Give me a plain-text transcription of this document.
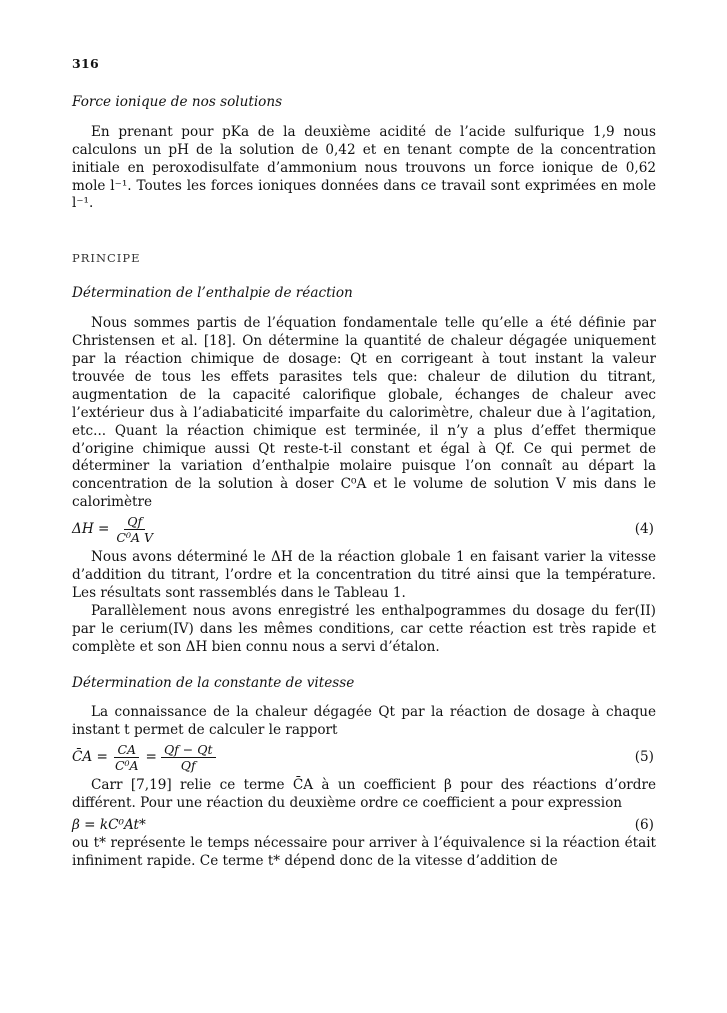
316
Force ionique de nos solutions

En prenant pour pKa de la deuxième acidité de l’acide sulfurique 1,9 nous calculons un pH de la solution de 0,42 et en tenant compte de la concentration initiale en peroxodisulfate d’ammonium nous trouvons un force ionique de 0,62 mole l⁻¹. Toutes les forces ioniques données dans ce travail sont exprimées en mole l⁻¹.

PRINCIPE
Détermination de l’enthalpie de réaction

Nous sommes partis de l’équation fondamentale telle qu’elle a été définie par Christensen et al. [18]. On détermine la quantité de chaleur dégagée uniquement par la réaction chimique de dosage: Qt en corrigeant à tout instant la valeur trouvée de tous les effets parasites tels que: chaleur de dilution du titrant, augmentation de la capacité calorifique globale, échanges de chaleur avec l’extérieur dus à l’adiabaticité imparfaite du calorimètre, chaleur due à l’agitation, etc... Quant la réaction chimique est terminée, il n’y a plus d’effet thermique d’origine chimique aussi Qt reste-t-il constant et égal à Qf. Ce qui permet de déterminer la variation d’enthalpie molaire puisque l’on connaît au départ la concentration de la solution à doser C⁰A et le volume de solution V mis dans le calorimètre

$\Delta H = \frac{Qf}{\text{C⁰A V}}$	(4)

Nous avons déterminé le ΔH de la réaction globale 1 en faisant varier la vitesse d’addition du titrant, l’ordre et la concentration du titré ainsi que la température. Les résultats sont rassemblés dans le Tableau 1.

Parallèlement nous avons enregistré les enthalpogrammes du dosage du fer(II) par le cerium(IV) dans les mêmes conditions, car cette réaction est très rapide et complète et son ΔH bien connu nous a servi d’étalon.

Détermination de la constante de vitesse

La connaissance de la chaleur dégagée Qt par la réaction de dosage à chaque instant t permet de calculer le rapport

C̄A = $\frac{CA}{\text{C⁰A}} = \frac{Qf - Qt}{Qf}$	(5)

Carr [7,19] relie ce terme C̄A à un coefficient β pour des réactions d’ordre différent. Pour une réaction du deuxième ordre ce coefficient a pour expression

β = kC⁰At*	(6)

ou t* représente le temps nécessaire pour arriver à l’équivalence si la réaction était infiniment rapide. Ce terme t* dépend donc de la vitesse d’addition de
